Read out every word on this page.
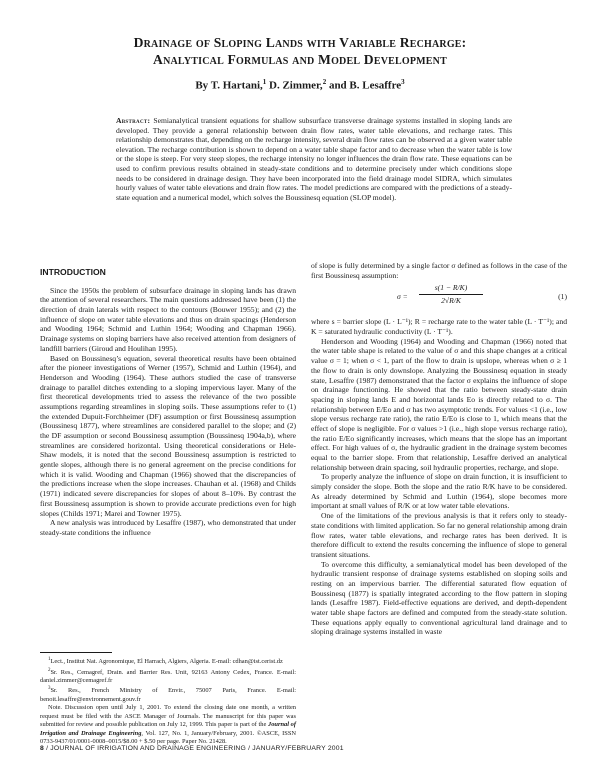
Drainage of Sloping Lands with Variable Recharge:
Analytical Formulas and Model Development

By T. Hartani,$^1$ D. Zimmer,$^2$ and B. Lesaffre$^3$

Abstract: Semianalytical transient equations for shallow subsurface transverse drainage systems installed in sloping lands are developed. They provide a general relationship between drain flow rates, water table elevations, and recharge rates. This relationship demonstrates that, depending on the recharge intensity, several drain flow rates can be observed at a given water table elevation. The recharge contribution is shown to depend on a water table shape factor and to decrease when the water table is low or the slope is steep. For very steep slopes, the recharge intensity no longer influences the drain flow rate. These equations can be used to confirm previous results obtained in steady-state conditions and to determine precisely under which conditions slope needs to be considered in drainage design. They have been incorporated into the field drainage model SIDRA, which simulates hourly values of water table elevations and drain flow rates. The model predictions are compared with the predictions of a steady-state equation and a numerical model, which solves the Boussinesq equation (SLOP model).

INTRODUCTION

Since the 1950s the problem of subsurface drainage in sloping lands has drawn the attention of several researchers. The main questions addressed have been (1) the direction of drain laterals with respect to the contours (Bouwer 1955); and (2) the influence of slope on water table elevations and thus on drain spacings (Henderson and Wooding 1964; Schmid and Luthin 1964; Wooding and Chapman 1966). Drainage systems on sloping barriers have also received attention from designers of landfill barriers (Giroud and Houlihan 1995).

Based on Boussinesq’s equation, several theoretical results have been obtained after the pioneer investigations of Werner (1957), Schmid and Luthin (1964), and Henderson and Wooding (1964). These authors studied the case of transverse drainage to parallel ditches extending to a sloping impervious layer. Many of the first theoretical developments tried to assess the relevance of the two possible assumptions regarding streamlines in sloping soils. These assumptions refer to (1) the extended Dupuit-Forchheimer (DF) assumption or first Boussinesq assumption (Boussinesq 1877), where streamlines are considered parallel to the slope; and (2) the DF assumption or second Boussinesq assumption (Boussinesq 1904a,b), where streamlines are considered horizontal. Using theoretical considerations or Hele-Shaw models, it is noted that the second Boussinesq assumption is restricted to gentle slopes, although there is no general agreement on the precise conditions for which it is valid. Wooding and Chapman (1966) showed that the discrepancies of the predictions increase when the slope increases. Chauhan et al. (1968) and Childs (1971) indicated severe discrepancies for slopes of about 8–10%. By contrast the first Boussinesq assumption is shown to provide accurate predictions even for high slopes (Childs 1971; Marei and Towner 1975).

A new analysis was introduced by Lesaffre (1987), who demonstrated that under steady-state conditions the influence

$^1$Lect., Institut Nat. Agronomique, El Harrach, Algiers, Algeria. E-mail: cdhan@ist.cerist.dz

$^2$Sr. Res., Cemagref, Drain. and Barrier Res. Unit, 92163 Antony Cedex, France. E-mail: daniel.zimmer@cemagref.fr

$^3$Sr. Res., French Ministry of Envir., 75007 Paris, France. E-mail: benoit.lesaffre@environnement.gouv.fr

Note. Discussion open until July 1, 2001. To extend the closing date one month, a written request must be filed with the ASCE Manager of Journals. The manuscript for this paper was submitted for review and possible publication on July 12, 1999. This paper is part of the Journal of Irrigation and Drainage Engineering, Vol. 127, No. 1, January/February, 2001. ©ASCE, ISSN 0733-9437/01/0001-0008–0015/$8.00 + $.50 per page. Paper No. 21428.

of slope is fully determined by a single factor σ defined as follows in the case of the first Boussinesq assumption:

$\sigma = \frac{s(1 - R/K)}{2√R/K}$	(1)

where s = barrier slope (L · L⁻¹); R = recharge rate to the water table (L · T⁻¹); and K = saturated hydraulic conductivity (L · T⁻¹).

Henderson and Wooding (1964) and Wooding and Chapman (1966) noted that the water table shape is related to the value of σ and this shape changes at a critical value σ = 1; when σ < 1, part of the flow to drain is upslope, whereas when σ ≥ 1 the flow to drain is only downslope. Analyzing the Boussinesq equation in steady state, Lesaffre (1987) demonstrated that the factor σ explains the influence of slope on drainage functioning. He showed that the ratio between steady-state drain spacing in sloping lands E and horizontal lands Eo is directly related to σ. The relationship between E/Eo and σ has two asymptotic trends. For values <1 (i.e., low slope versus recharge rate ratio), the ratio E/Eo is close to 1, which means that the effect of slope is negligible. For σ values >1 (i.e., high slope versus recharge ratio), the ratio E/Eo significantly increases, which means that the slope has an important effect. For high values of σ, the hydraulic gradient in the drainage system becomes equal to the barrier slope. From that relationship, Lesaffre derived an analytical relationship between drain spacing, soil hydraulic properties, recharge, and slope.

To properly analyze the influence of slope on drain function, it is insufficient to simply consider the slope. Both the slope and the ratio R/K have to be considered. As already determined by Schmid and Luthin (1964), slope becomes more important at small values of R/K or at low water table elevations.

One of the limitations of the previous analysis is that it refers only to steady-state conditions with limited application. So far no general relationship among drain flow rates, water table elevations, and recharge rates has been derived. It is therefore difficult to extend the results concerning the influence of slope to general transient situations.

To overcome this difficulty, a semianalytical model has been developed of the hydraulic transient response of drainage systems established on sloping soils and resting on an impervious barrier. The differential saturated flow equation of Boussinesq (1877) is spatially integrated according to the flow pattern in sloping lands (Lesaffre 1987). Field-effective equations are derived, and depth-dependent water table shape factors are defined and computed from the steady-state solution. These equations apply equally to conventional agricultural land drainage and to sloping drainage systems installed in waste

8 / JOURNAL OF IRRIGATION AND DRAINAGE ENGINEERING / JANUARY/FEBRUARY 2001
